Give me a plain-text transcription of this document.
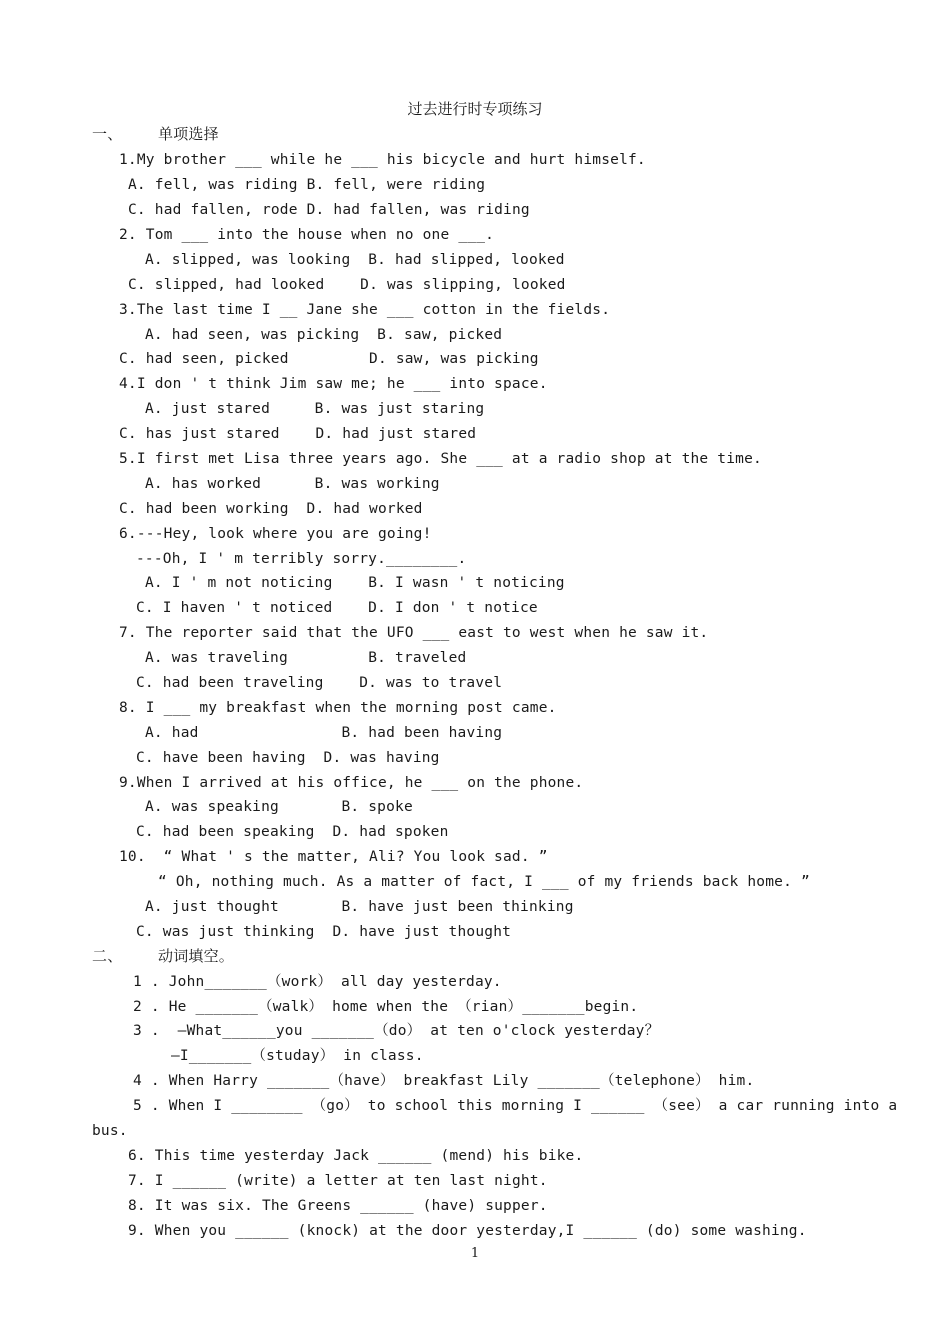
过去进行时专项练习
一、 单项选择
1.My brother ___ while he ___ his bicycle and hurt himself.
A. fell, was riding B. fell, were riding
C. had fallen, rode D. had fallen, was riding
2. Tom ___ into the house when no one ___.
A. slipped, was looking  B. had slipped, looked
C. slipped, had looked    D. was slipping, looked
3.The last time I __ Jane she ___ cotton in the fields.
A. had seen, was picking  B. saw, picked
C. had seen, picked         D. saw, was picking
4.I don ' t think Jim saw me; he ___ into space.
A. just stared     B. was just staring
C. has just stared    D. had just stared
5.I first met Lisa three years ago. She ___ at a radio shop at the time.
A. has worked      B. was working
C. had been working  D. had worked
6.---Hey, look where you are going!
---Oh, I ' m terribly sorry.________.
A. I ' m not noticing    B. I wasn ' t noticing
C. I haven ' t noticed    D. I don ' t notice
7. The reporter said that the UFO ___ east to west when he saw it.
A. was traveling         B. traveled
C. had been traveling    D. was to travel
8. I ___ my breakfast when the morning post came.
A. had                B. had been having
C. have been having  D. was having
9.When I arrived at his office, he ___ on the phone.
A. was speaking       B. spoke
C. had been speaking  D. had spoken
10.  “ What ' s the matter, Ali? You look sad. ”
“ Oh, nothing much. As a matter of fact, I ___ of my friends back home. ”
A. just thought       B. have just been thinking
C. was just thinking  D. have just thought
二、 动词填空。
1 . John_______（work） all day yesterday.
2 . He _______（walk） home when the （rian）_______begin.
3 .  —What______you _______（do） at ten o'clock yesterday？
—I_______（studay） in class.
4 . When Harry _______（have） breakfast Lily _______（telephone） him.
5 . When I ________ （go） to school this morning I ______ （see） a car running into a
bus.
6. This time yesterday Jack ______ (mend) his bike.
7. I ______ (write) a letter at ten last night.
8. It was six. The Greens ______ (have) supper.
9. When you ______ (knock) at the door yesterday,I ______ (do) some washing.
1
